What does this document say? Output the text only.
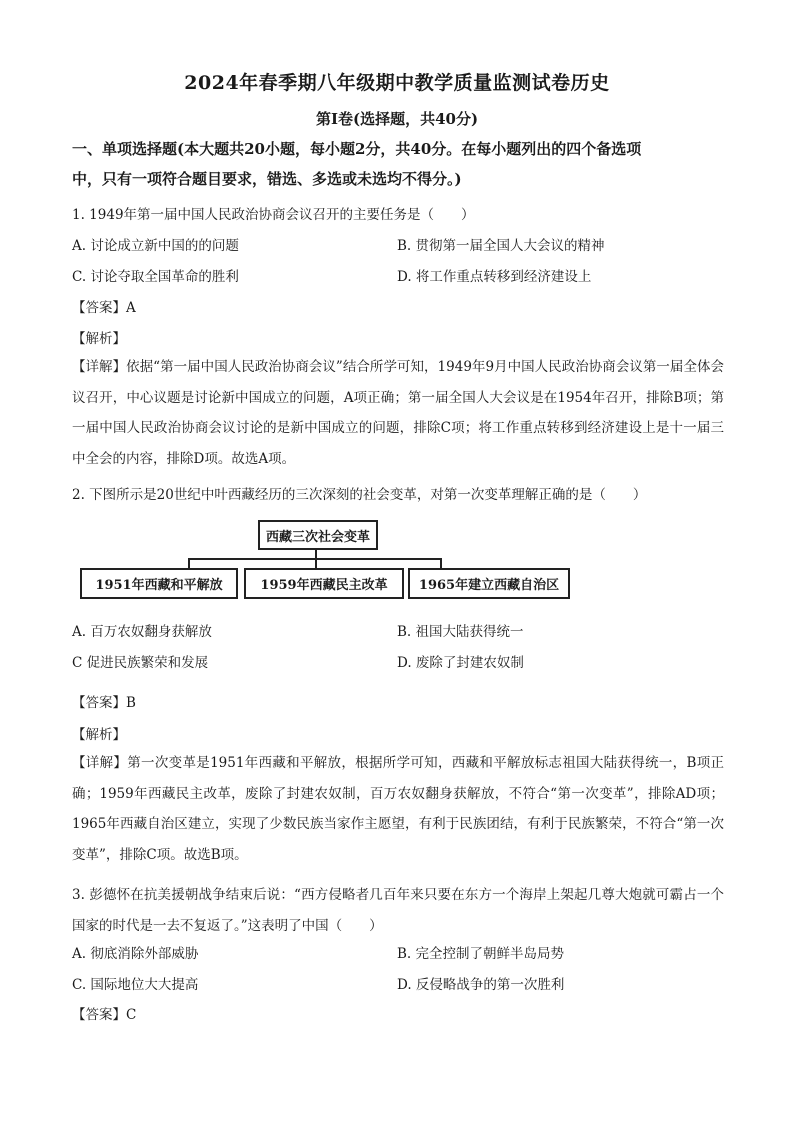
2024年春季期八年级期中教学质量监测试卷历史
第Ⅰ卷(选择题，共40分)
一、单项选择题(本大题共20小题，每小题2分，共40分。在每小题列出的四个备选项
中，只有一项符合题目要求，错选、多选或未选均不得分。)
1. 1949年第一届中国人民政治协商会议召开的主要任务是（　　）
A. 讨论成立新中国的的问题	B. 贯彻第一届全国人大会议的精神
C. 讨论夺取全国革命的胜利	D. 将工作重点转移到经济建设上
【答案】A
【解析】
【详解】依据“第一届中国人民政治协商会议”结合所学可知，1949年9月中国人民政治协商会议第一届全体会议召开，中心议题是讨论新中国成立的问题，A项正确；第一届全国人大会议是在1954年召开，排除B项；第一届中国人民政治协商会议讨论的是新中国成立的问题，排除C项；将工作重点转移到经济建设上是十一届三中全会的内容，排除D项。故选A项。
2. 下图所示是20世纪中叶西藏经历的三次深刻的社会变革，对第一次变革理解正确的是（　　）
西藏三次社会变革
1951年西藏和平解放	1959年西藏民主改革	1965年建立西藏自治区
A. 百万农奴翻身获解放	B. 祖国大陆获得统一
C 促进民族繁荣和发展	D. 废除了封建农奴制
【答案】B
【解析】
【详解】第一次变革是1951年西藏和平解放，根据所学可知，西藏和平解放标志祖国大陆获得统一，B项正确；1959年西藏民主改革，废除了封建农奴制，百万农奴翻身获解放，不符合“第一次变革”，排除AD项；1965年西藏自治区建立，实现了少数民族当家作主愿望，有利于民族团结，有利于民族繁荣，不符合“第一次变革”，排除C项。故选B项。
3. 彭德怀在抗美援朝战争结束后说：“西方侵略者几百年来只要在东方一个海岸上架起几尊大炮就可霸占一个国家的时代是一去不复返了。”这表明了中国（　　）
A. 彻底消除外部威胁	B. 完全控制了朝鲜半岛局势
C. 国际地位大大提高	D. 反侵略战争的第一次胜利
【答案】C
